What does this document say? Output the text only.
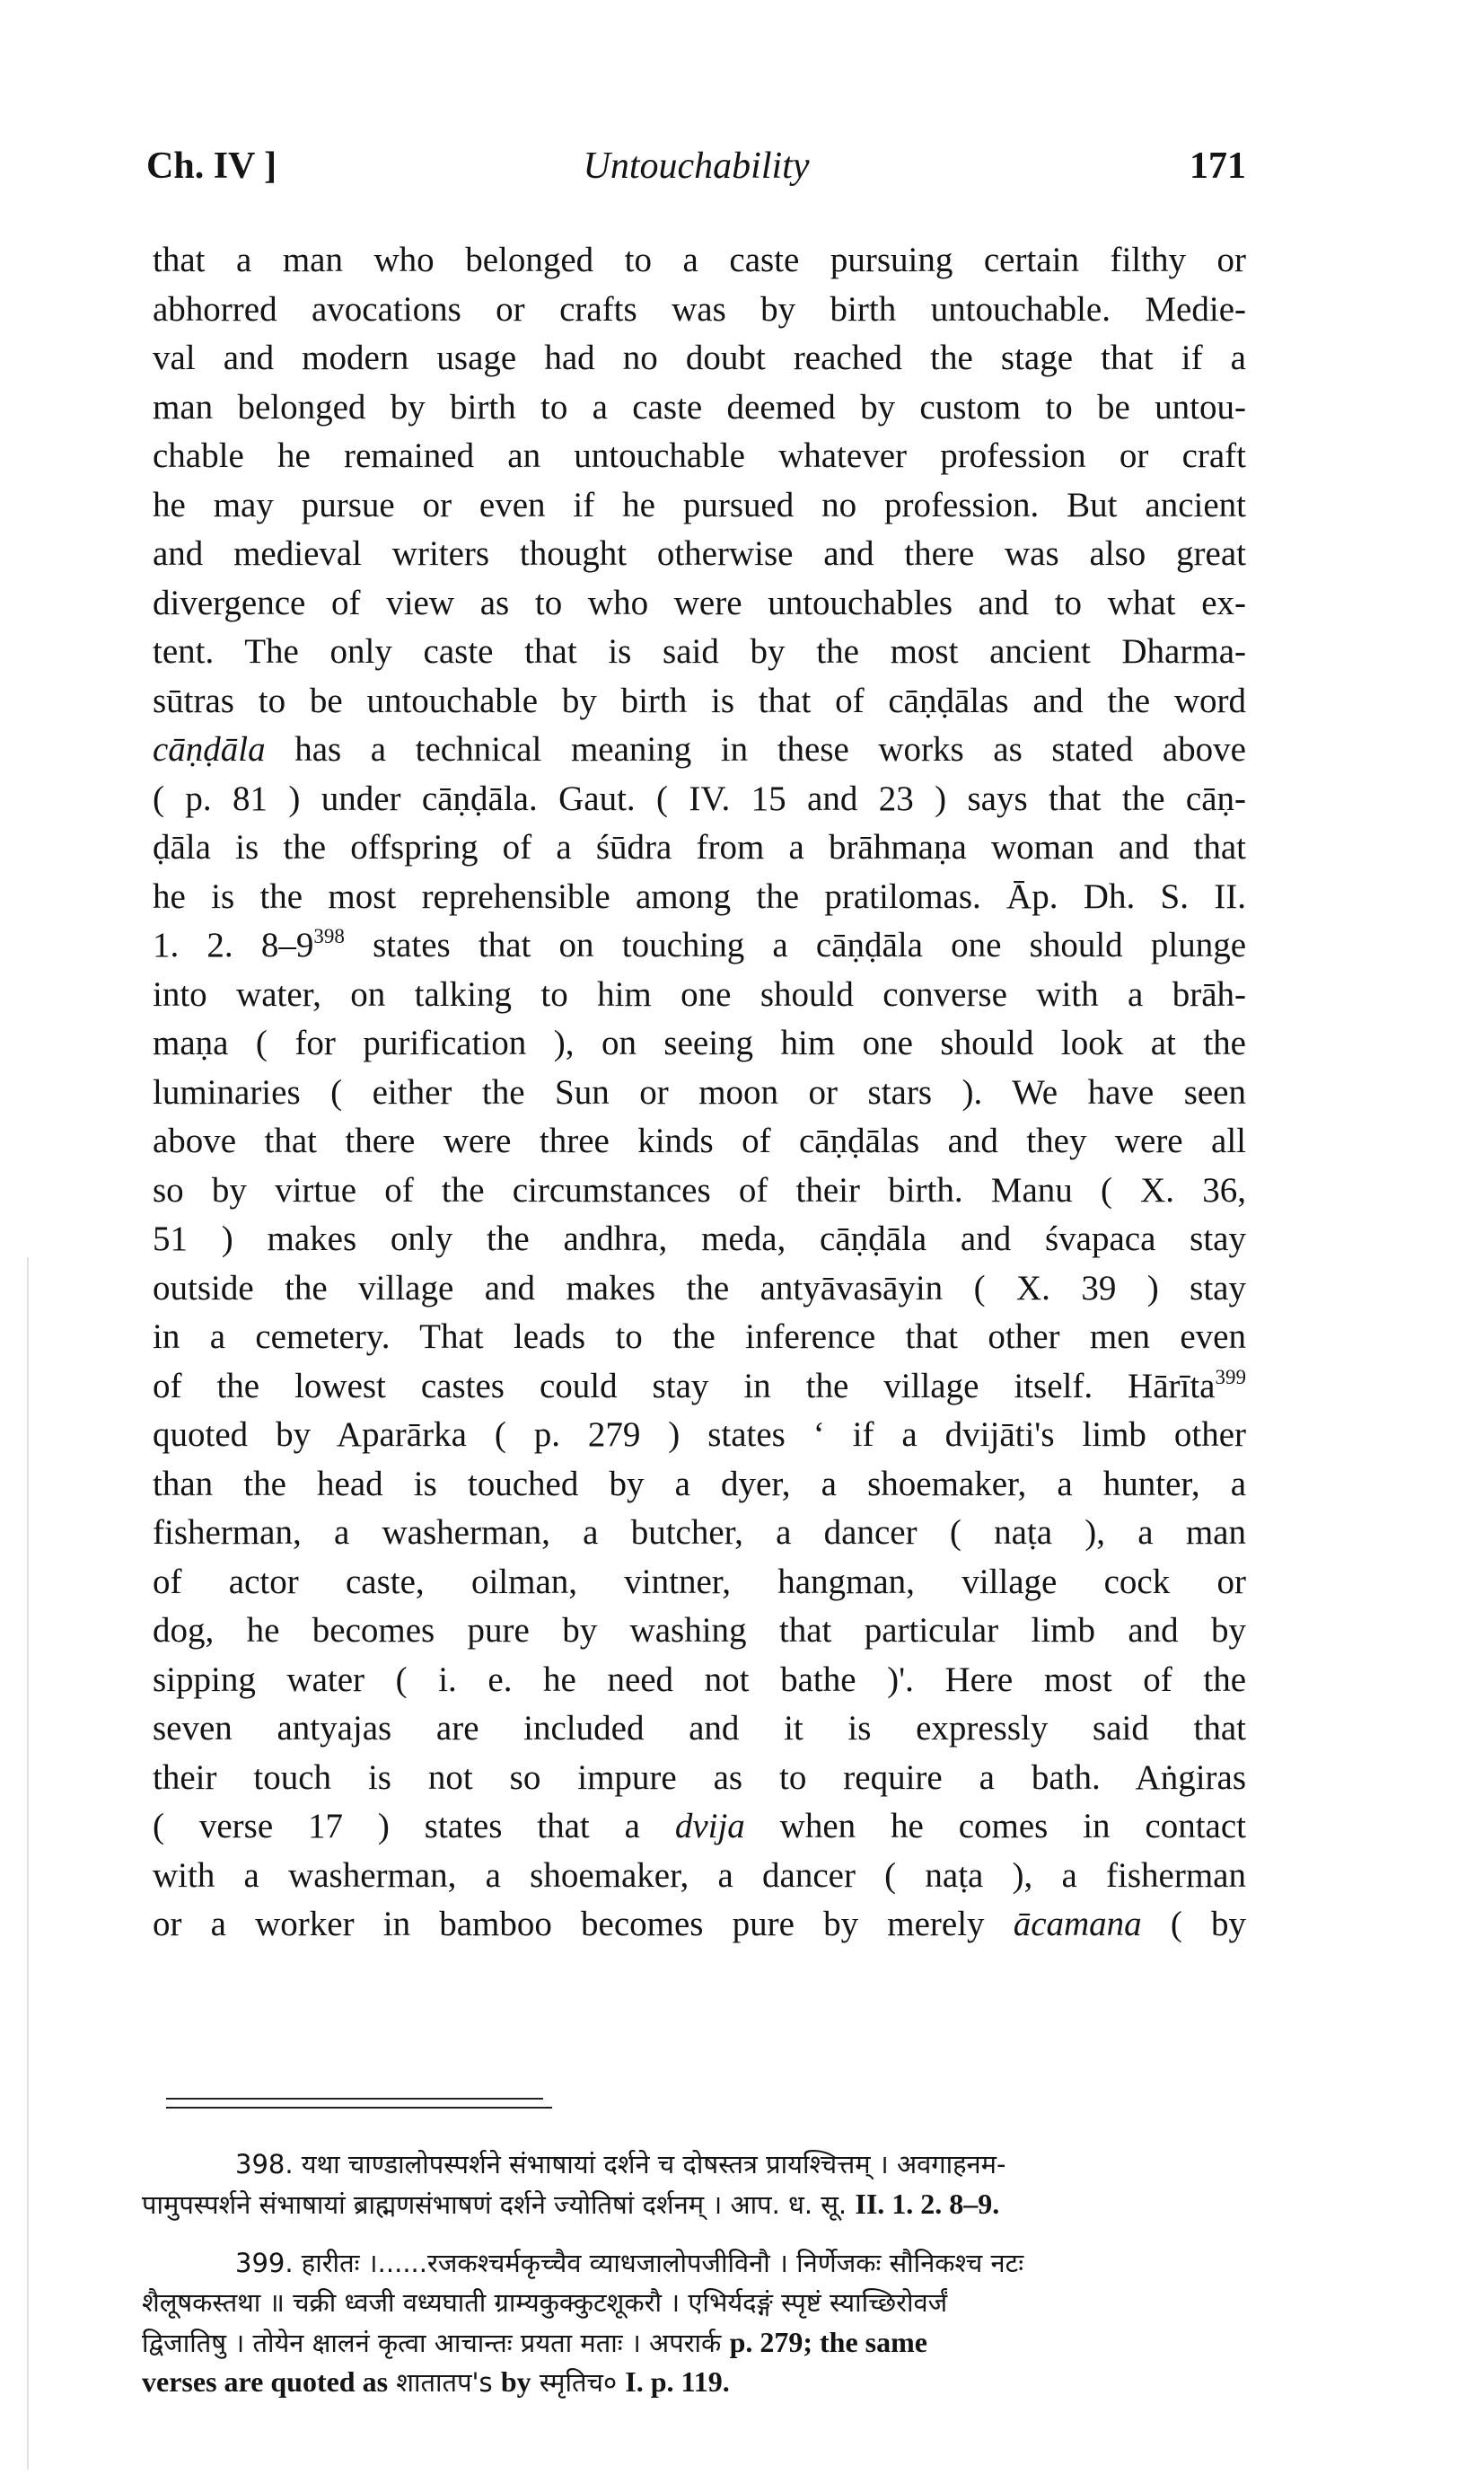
Ch. IV ]	Untouchability	171
that a man who belonged to a caste pursuing certain filthy or
abhorred avocations or crafts was by birth untouchable. Medie-
val and modern usage had no doubt reached the stage that if a
man belonged by birth to a caste deemed by custom to be untou-
chable he remained an untouchable whatever profession or craft
he may pursue or even if he pursued no profession. But ancient
and medieval writers thought otherwise and there was also great
divergence of view as to who were untouchables and to what ex-
tent. The only caste that is said by the most ancient Dharma-
sūtras to be untouchable by birth is that of cāṇḍālas and the word
cāṇḍāla has a technical meaning in these works as stated above
( p. 81 ) under cāṇḍāla. Gaut. ( IV. 15 and 23 ) says that the cāṇ-
ḍāla is the offspring of a śūdra from a brāhmaṇa woman and that
he is the most reprehensible among the pratilomas. Āp. Dh. S. II.
1. 2. $8-9^{398}$ states that on touching a cāṇḍāla one should plunge
into water, on talking to him one should converse with a brāh-
maṇa ( for purification ), on seeing him one should look at the
luminaries ( either the Sun or moon or stars ). We have seen
above that there were three kinds of cāṇḍālas and they were all
so by virtue of the circumstances of their birth. Manu ( X. 36,
51 ) makes only the andhra, meda, cāṇḍāla and śvapaca stay
outside the village and makes the antyāvasāyin ( X. 39 ) stay
in a cemetery. That leads to the inference that other men even
of the lowest castes could stay in the village itself. Hārīta$^{399}$
quoted by Aparārka ( p. 279 ) states ‘ if a dvijāti's limb other
than the head is touched by a dyer, a shoemaker, a hunter, a
fisherman, a washerman, a butcher, a dancer ( naṭa ), a man
of actor caste, oilman, vintner, hangman, village cock or
dog, he becomes pure by washing that particular limb and by
sipping water ( i. e. he need not bathe )'. Here most of the
seven antyajas are included and it is expressly said that
their touch is not so impure as to require a bath. Aṅgiras
( verse 17 ) states that a dvija when he comes in contact
with a washerman, a shoemaker, a dancer ( naṭa ), a fisherman
or a worker in bamboo becomes pure by merely ācamana ( by
398. यथा चाण्डालोपस्पर्शने संभाषायां दर्शने च दोषस्तत्र प्रायश्चित्तम् । अवगाहनम-
पामुपस्पर्शने संभाषायां ब्राह्मणसंभाषणं दर्शने ज्योतिषां दर्शनम् । आप. ध. सू. II. 1. 2. 8–9.
399. हारीतः ।......रजकश्चर्मकृच्चैव व्याधजालोपजीविनौ । निर्णेजकः सौनिकश्च नटः
शैलूषकस्तथा ॥ चक्री ध्वजी वध्यघाती ग्राम्यकुक्कुटशूकरौ । एभिर्यदङ्गं स्पृष्टं स्याच्छिरोवर्जं
द्विजातिषु । तोयेन क्षालनं कृत्वा आचान्तः प्रयता मताः । अपरार्क p. 279; the same
verses are quoted as शातातप's by स्मृतिच० I. p. 119.
